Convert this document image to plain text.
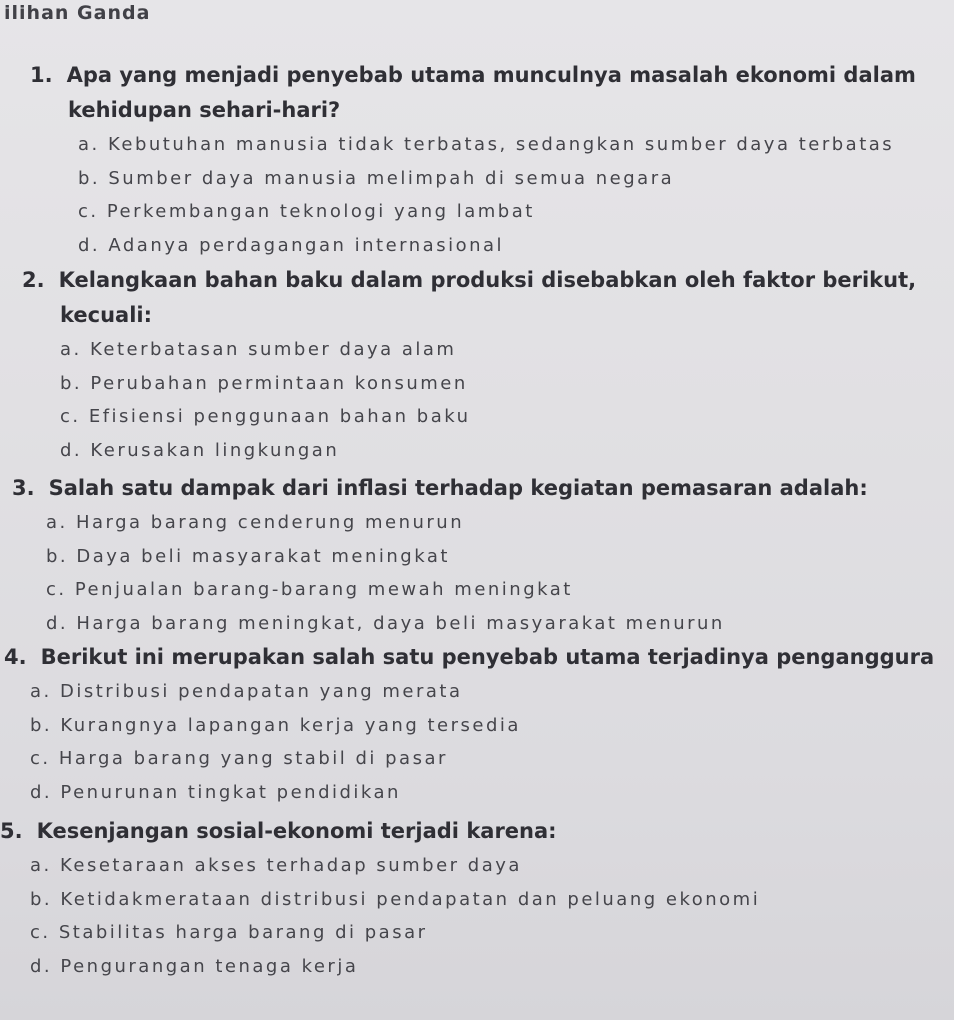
ilihan Ganda
1. Apa yang menjadi penyebab utama munculnya masalah ekonomi dalam
kehidupan sehari-hari?
a. Kebutuhan manusia tidak terbatas, sedangkan sumber daya terbatas
b. Sumber daya manusia melimpah di semua negara
c. Perkembangan teknologi yang lambat
d. Adanya perdagangan internasional
2. Kelangkaan bahan baku dalam produksi disebabkan oleh faktor berikut,
kecuali:
a. Keterbatasan sumber daya alam
b. Perubahan permintaan konsumen
c. Efisiensi penggunaan bahan baku
d. Kerusakan lingkungan
3. Salah satu dampak dari inflasi terhadap kegiatan pemasaran adalah:
a. Harga barang cenderung menurun
b. Daya beli masyarakat meningkat
c. Penjualan barang-barang mewah meningkat
d. Harga barang meningkat, daya beli masyarakat menurun
4. Berikut ini merupakan salah satu penyebab utama terjadinya penganggura
a. Distribusi pendapatan yang merata
b. Kurangnya lapangan kerja yang tersedia
c. Harga barang yang stabil di pasar
d. Penurunan tingkat pendidikan
5. Kesenjangan sosial-ekonomi terjadi karena:
a. Kesetaraan akses terhadap sumber daya
b. Ketidakmerataan distribusi pendapatan dan peluang ekonomi
c. Stabilitas harga barang di pasar
d. Pengurangan tenaga kerja
